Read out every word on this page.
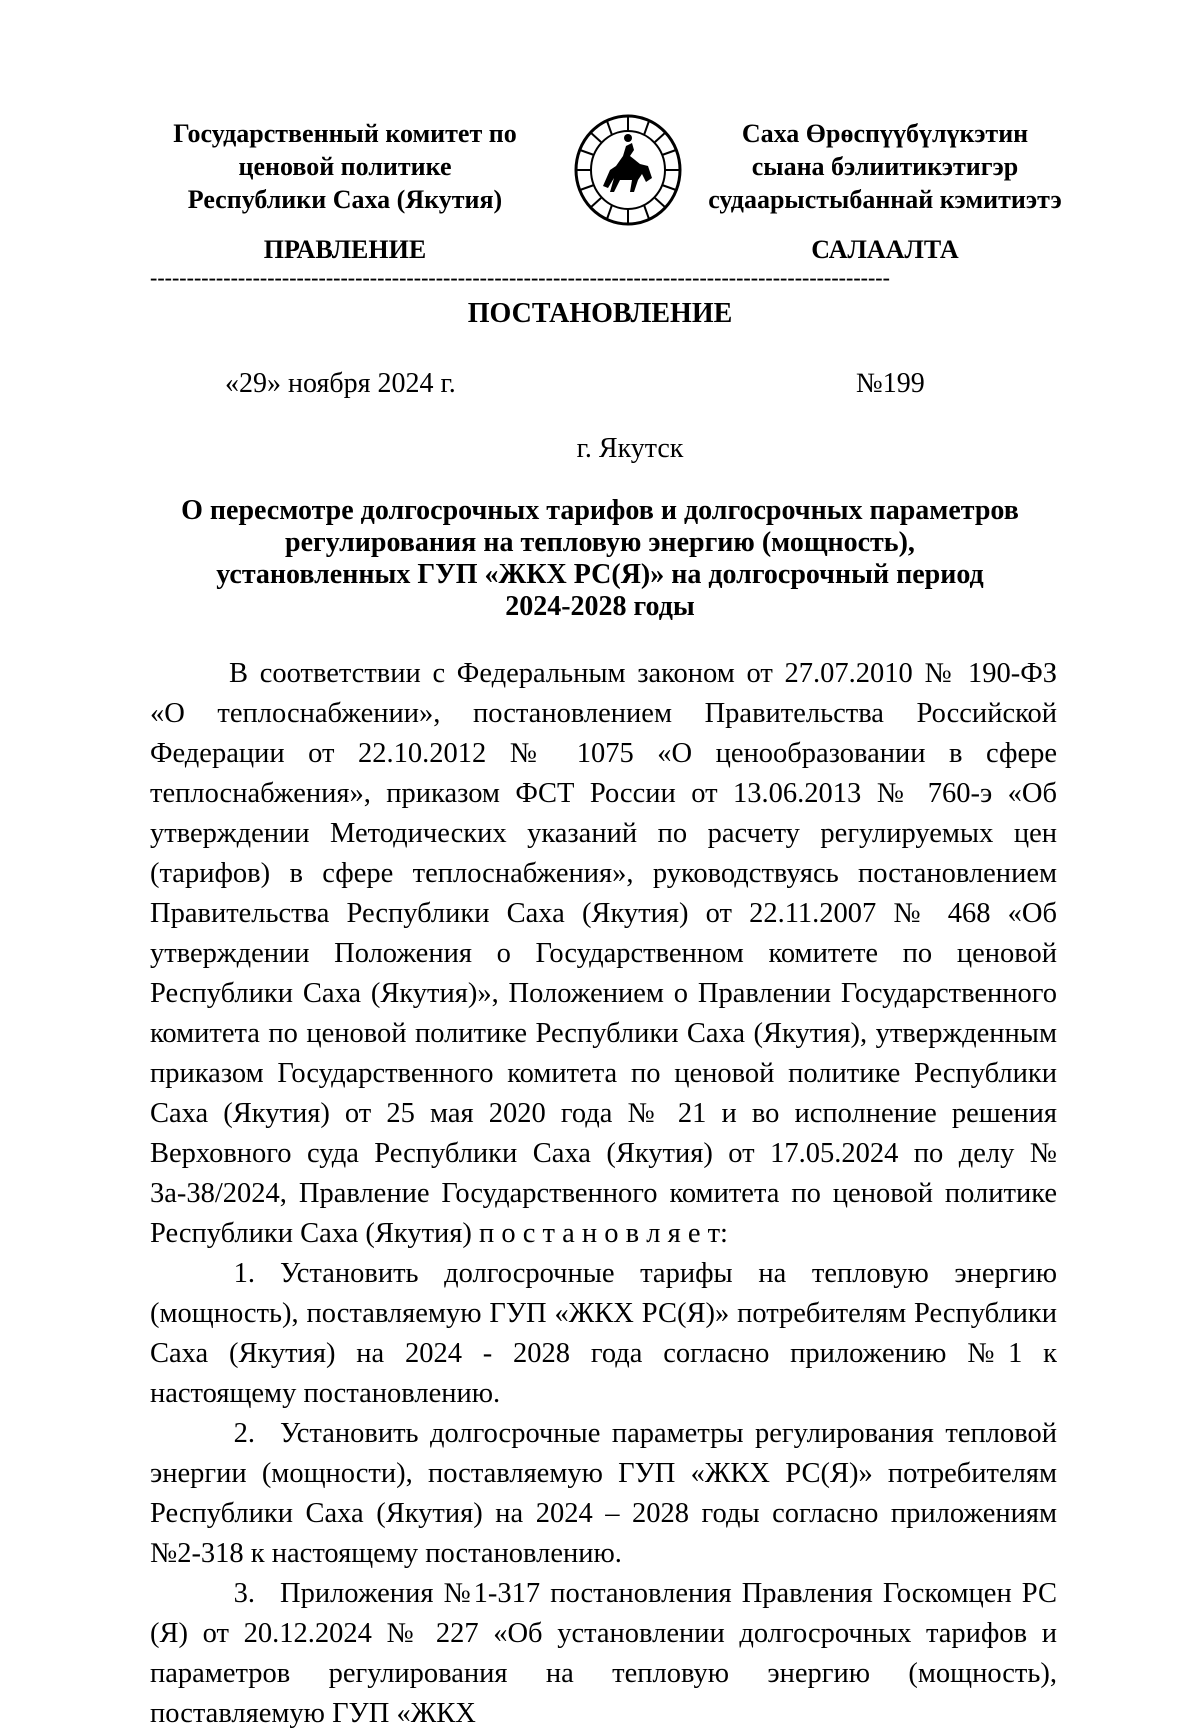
Государственный комитет по
ценовой политике
Республики Саха (Якутия)
Саха Өрөспүүбүлүкэтин
сыана бэлиитикэтигэр
судаарыстыбаннай кэмитиэтэ
ПРАВЛЕНИЕ	САЛААЛТА
-----------------------------------------------------------------------------------------------------
ПОСТАНОВЛЕНИЕ
«29» ноября 2024 г.	№199
г. Якутск
О пересмотре долгосрочных тарифов и долгосрочных параметров
регулирования на тепловую энергию (мощность),
установленных ГУП «ЖКХ РС(Я)» на долгосрочный период
2024-2028 годы

В соответствии с Федеральным законом от 27.07.2010 № 190-ФЗ «О теплоснабжении», постановлением Правительства Российской Федерации от 22.10.2012 № 1075 «О ценообразовании в сфере теплоснабжения», приказом ФСТ России от 13.06.2013 № 760-э «Об утверждении Методических указаний по расчету регулируемых цен (тарифов) в сфере теплоснабжения», руководствуясь постановлением Правительства Республики Саха (Якутия) от 22.11.2007 № 468 «Об утверждении Положения о Государственном комитете по ценовой Республики Саха (Якутия)», Положением о Правлении Государственного комитета по ценовой политике Республики Саха (Якутия), утвержденным приказом Государственного комитета по ценовой политике Республики Саха (Якутия) от 25 мая 2020 года № 21 и во исполнение решения Верховного суда Республики Саха (Якутия) от 17.05.2024 по делу № 3а-38/2024, Правление Государственного комитета по ценовой политике Республики Саха (Якутия) п о с т а н о в л я е т:

1. Установить долгосрочные тарифы на тепловую энергию (мощность), поставляемую ГУП «ЖКХ РС(Я)» потребителям Республики Саха (Якутия) на 2024 - 2028 года согласно приложению №1 к настоящему постановлению.

2. Установить долгосрочные параметры регулирования тепловой энергии (мощности), поставляемую ГУП «ЖКХ РС(Я)» потребителям Республики Саха (Якутия) на 2024 – 2028 годы согласно приложениям №2-318 к настоящему постановлению.

3. Приложения №1-317 постановления Правления Госкомцен РС (Я) от 20.12.2024 № 227 «Об установлении долгосрочных тарифов и параметров регулирования на тепловую энергию (мощность), поставляемую ГУП «ЖКХ
